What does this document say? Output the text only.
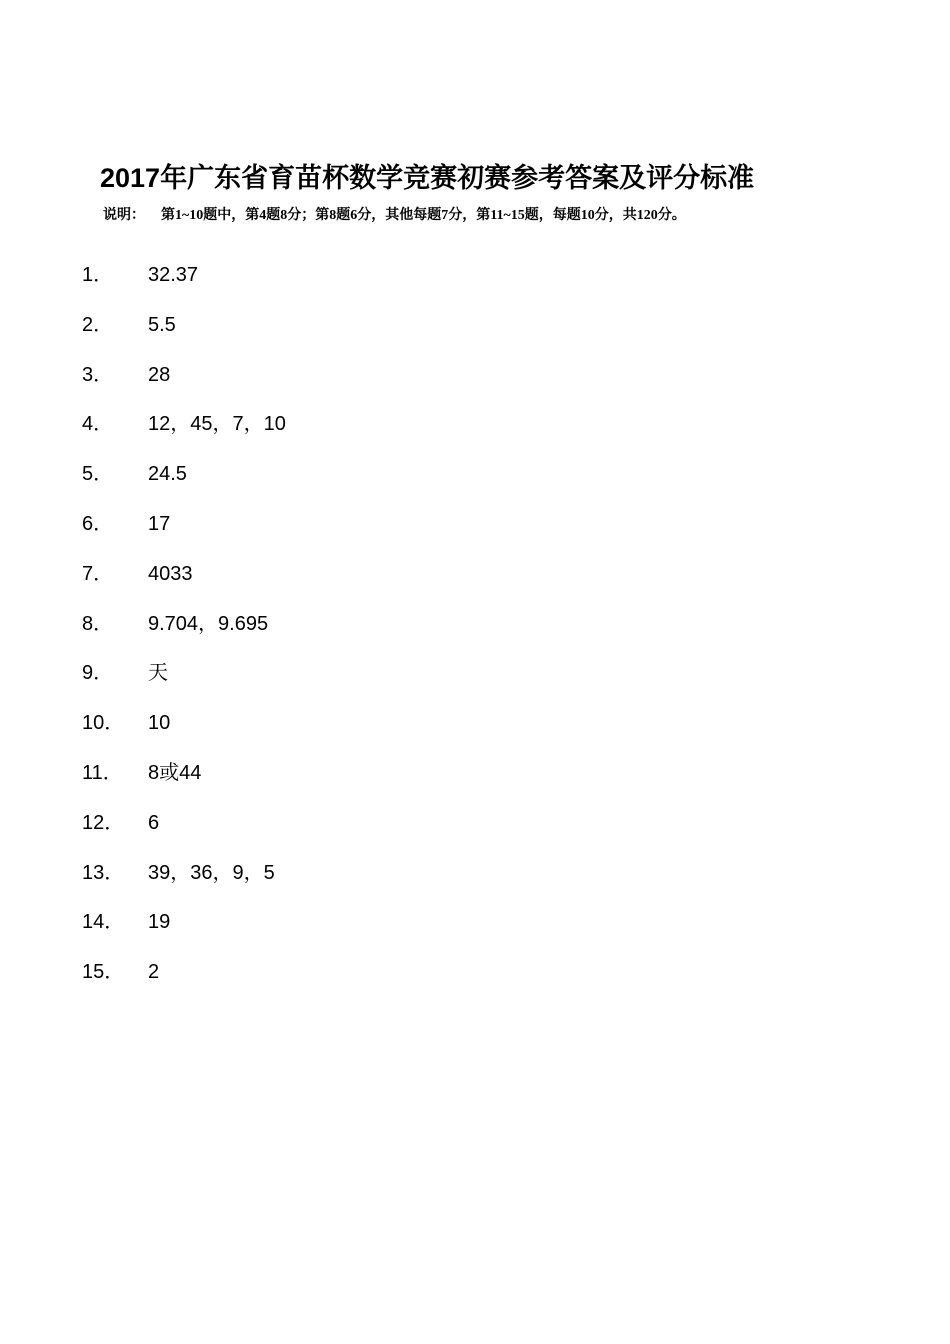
2017年广东省育苗杯数学竞赛初赛参考答案及评分标准
说明： 第1~10题中，第4题8分；第8题6分，其他每题7分，第11~15题，每题10分，共120分。
1．	32.37
2．	5.5
3．	28
4．	12，45，7，10
5．	24.5
6．	17
7．	4033
8．	9.704，9.695
9．	天
10．	10
11．	8或44
12．	6
13．	39，36，9，5
14．	19
15．	2
